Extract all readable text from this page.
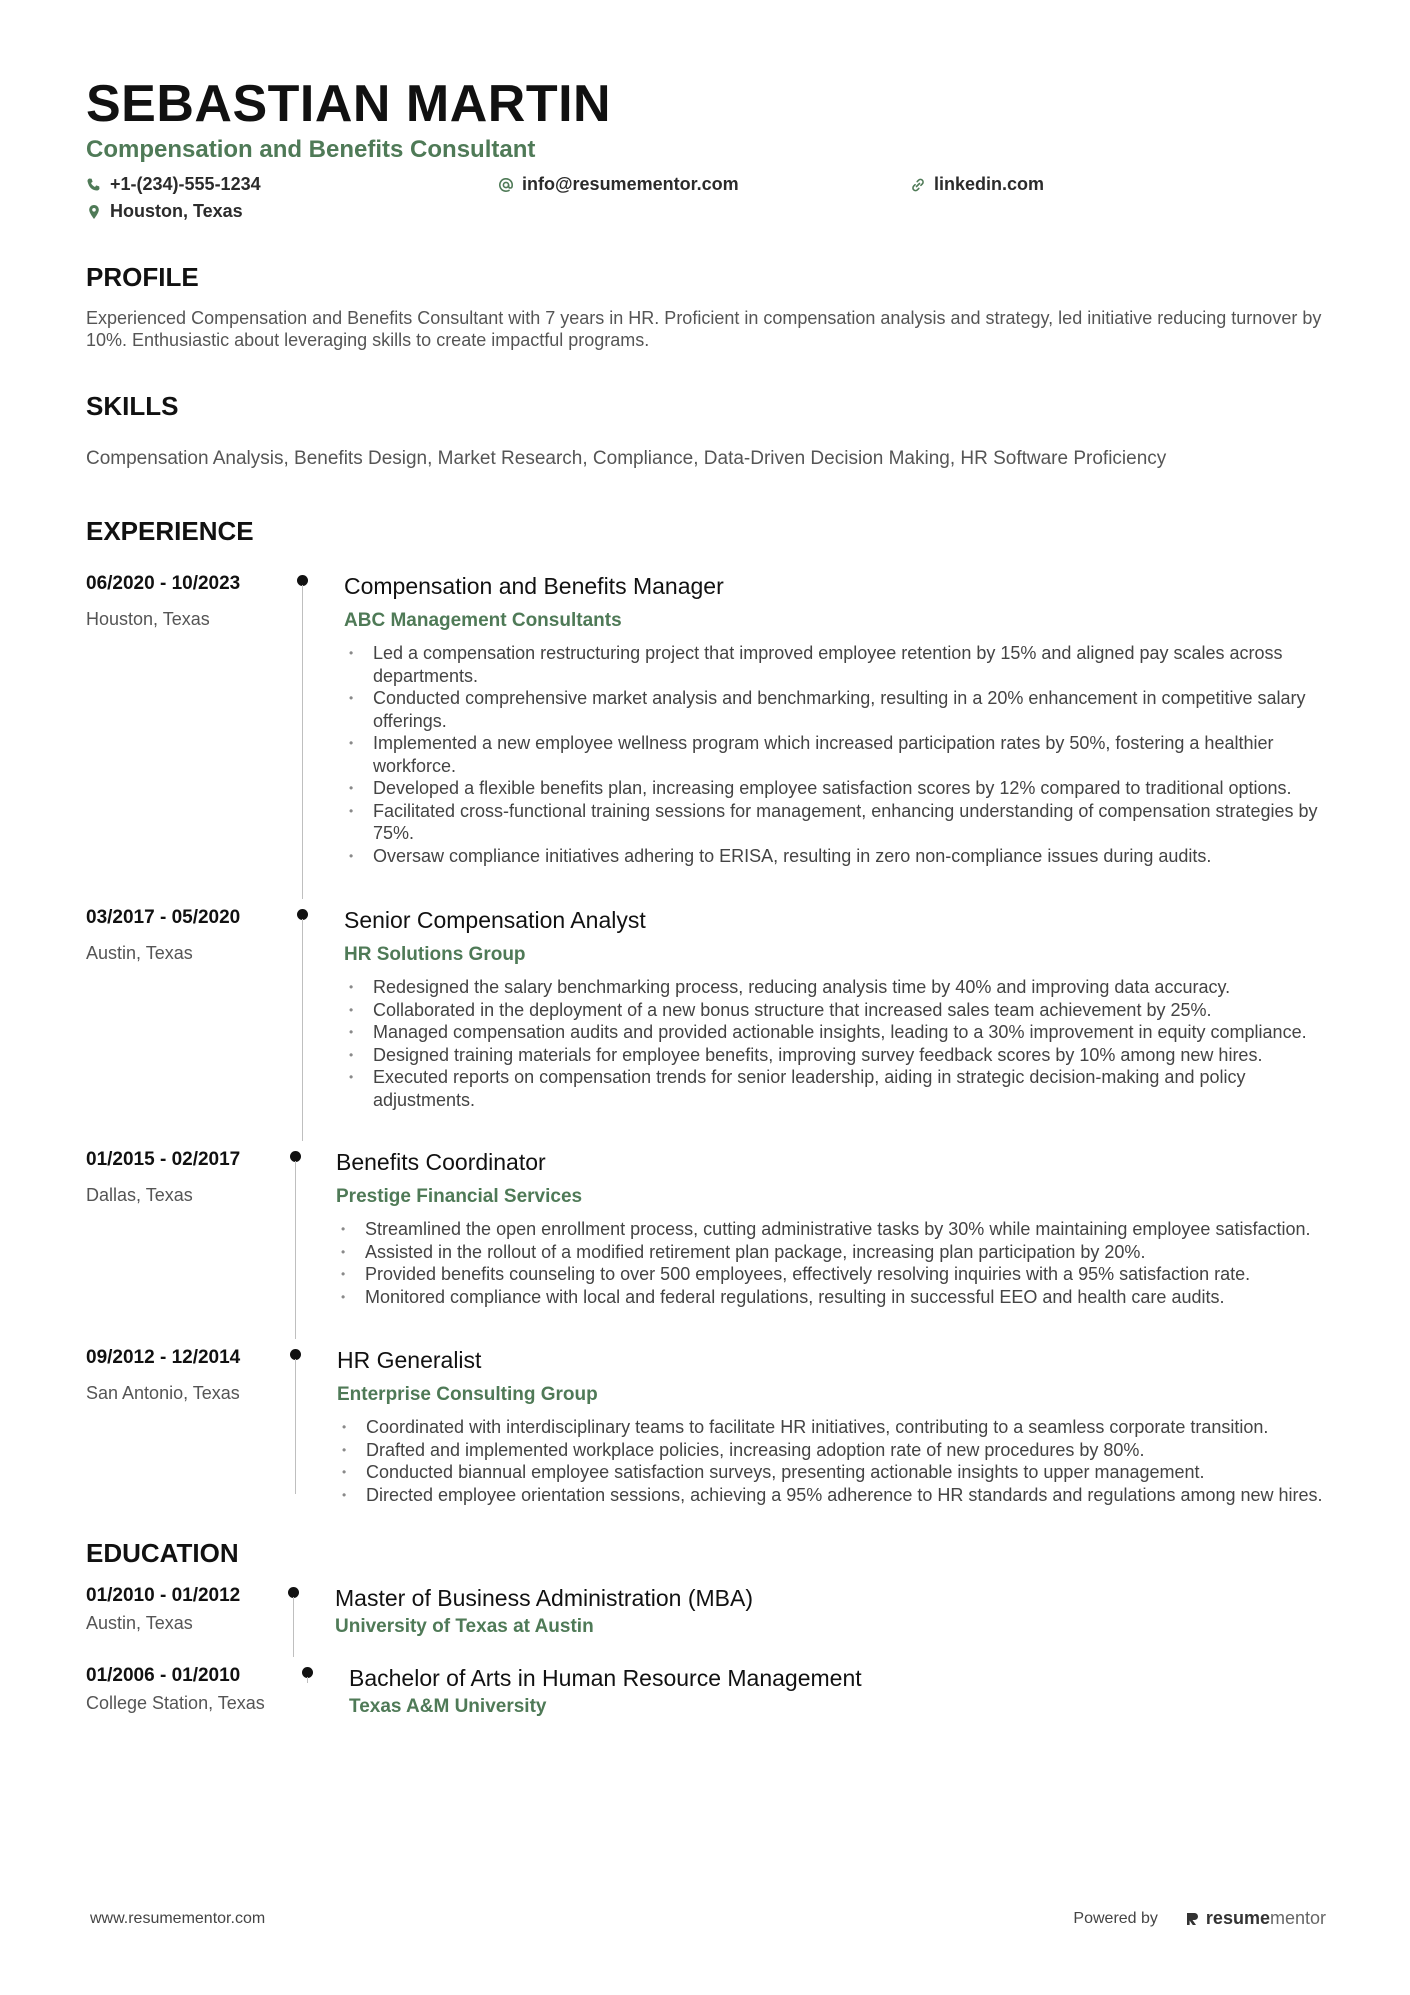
SEBASTIAN MARTIN
Compensation and Benefits Consultant
+1-(234)-555-1234	info@resumementor.com	linkedin.com
Houston, Texas
PROFILE

Experienced Compensation and Benefits Consultant with 7 years in HR. Proficient in compensation analysis and strategy, led initiative reducing turnover by 10%. Enthusiastic about leveraging skills to create impactful programs.

SKILLS

Compensation Analysis, Benefits Design, Market Research, Compliance, Data-Driven Decision Making, HR Software Proficiency

EXPERIENCE
06/2020 - 10/2023
Houston, Texas
Compensation and Benefits Manager
ABC Management Consultants
• Led a compensation restructuring project that improved employee retention by 15% and aligned pay scales across departments.
• Conducted comprehensive market analysis and benchmarking, resulting in a 20% enhancement in competitive salary offerings.
• Implemented a new employee wellness program which increased participation rates by 50%, fostering a healthier workforce.
• Developed a flexible benefits plan, increasing employee satisfaction scores by 12% compared to traditional options.
• Facilitated cross-functional training sessions for management, enhancing understanding of compensation strategies by 75%.
• Oversaw compliance initiatives adhering to ERISA, resulting in zero non-compliance issues during audits.
03/2017 - 05/2020
Austin, Texas
Senior Compensation Analyst
HR Solutions Group
• Redesigned the salary benchmarking process, reducing analysis time by 40% and improving data accuracy.
• Collaborated in the deployment of a new bonus structure that increased sales team achievement by 25%.
• Managed compensation audits and provided actionable insights, leading to a 30% improvement in equity compliance.
• Designed training materials for employee benefits, improving survey feedback scores by 10% among new hires.
• Executed reports on compensation trends for senior leadership, aiding in strategic decision-making and policy adjustments.
01/2015 - 02/2017
Dallas, Texas
Benefits Coordinator
Prestige Financial Services
• Streamlined the open enrollment process, cutting administrative tasks by 30% while maintaining employee satisfaction.
• Assisted in the rollout of a modified retirement plan package, increasing plan participation by 20%.
• Provided benefits counseling to over 500 employees, effectively resolving inquiries with a 95% satisfaction rate.
• Monitored compliance with local and federal regulations, resulting in successful EEO and health care audits.
09/2012 - 12/2014
San Antonio, Texas
HR Generalist
Enterprise Consulting Group
• Coordinated with interdisciplinary teams to facilitate HR initiatives, contributing to a seamless corporate transition.
• Drafted and implemented workplace policies, increasing adoption rate of new procedures by 80%.
• Conducted biannual employee satisfaction surveys, presenting actionable insights to upper management.
• Directed employee orientation sessions, achieving a 95% adherence to HR standards and regulations among new hires.
EDUCATION
01/2010 - 01/2012
Austin, Texas
Master of Business Administration (MBA)
University of Texas at Austin
01/2006 - 01/2010
College Station, Texas
Bachelor of Arts in Human Resource Management
Texas A&M University
www.resumementor.com	Powered by	resumementor
